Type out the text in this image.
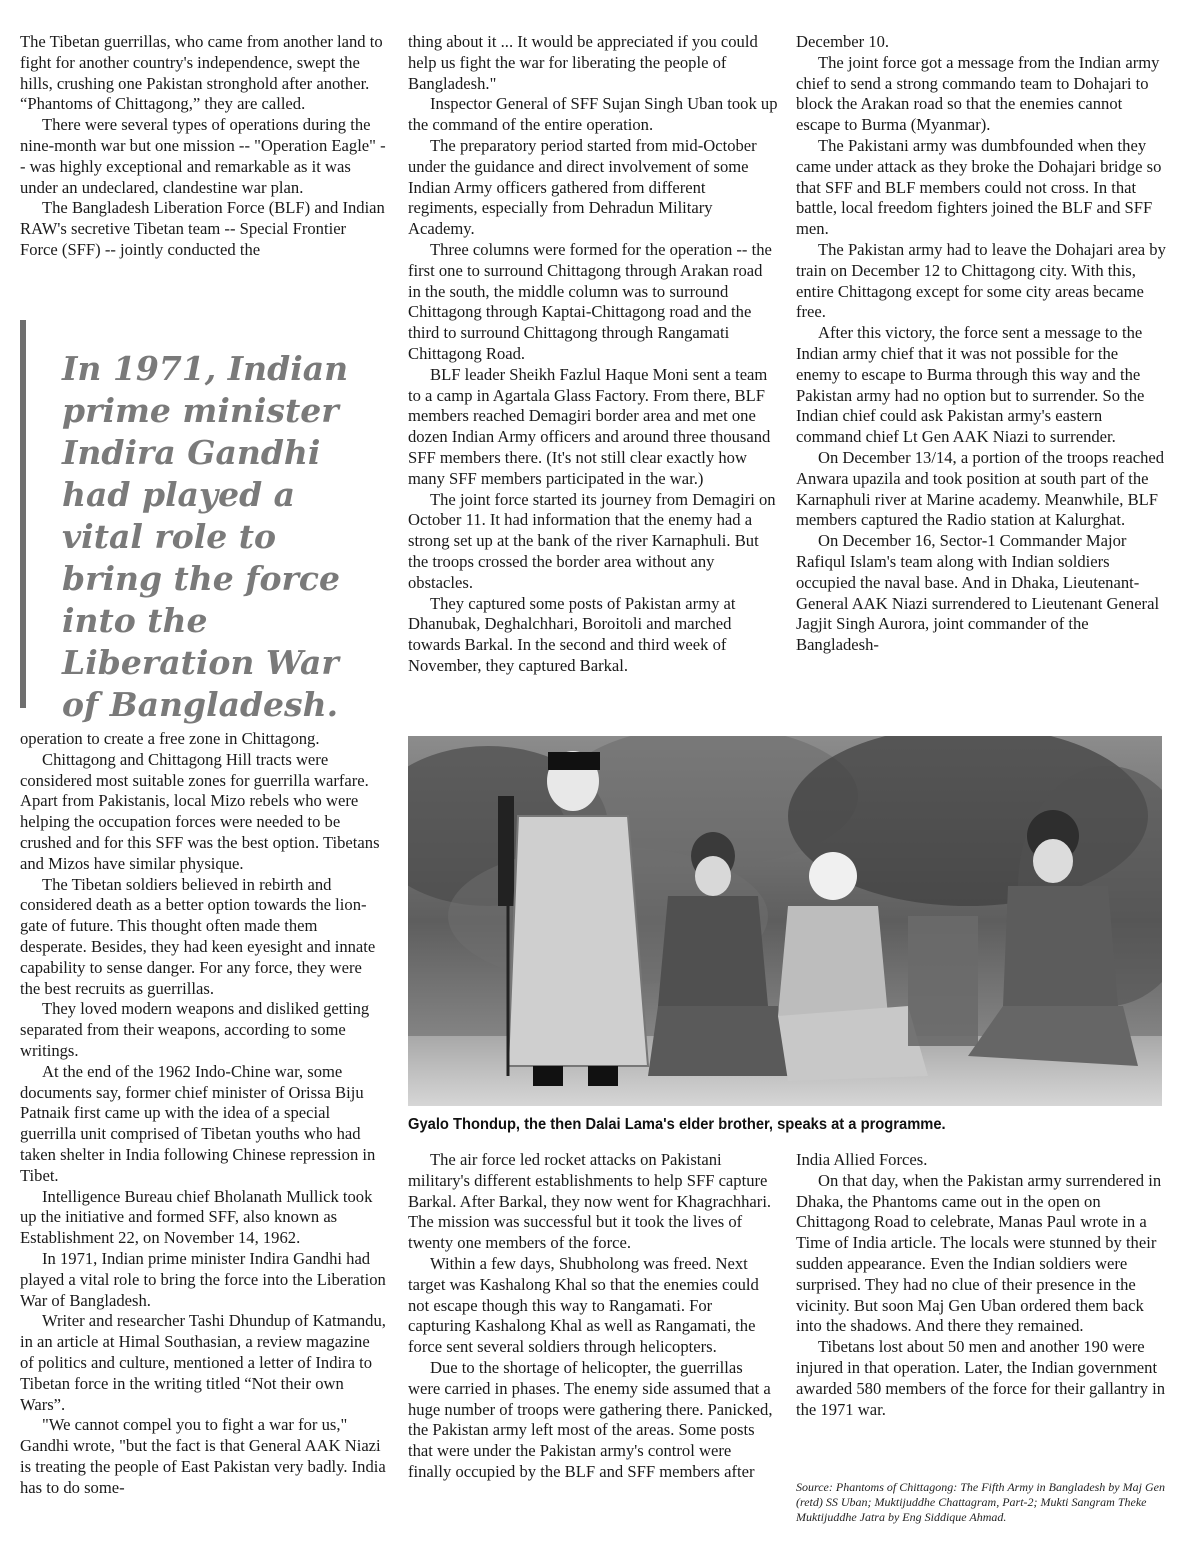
The Tibetan guerrillas, who came from another land to fight for another country's independence, swept the hills, crushing one Pakistan stronghold after another. “Phantoms of Chittagong,” they are called.

There were several types of operations during the nine-month war but one mission -- "Operation Eagle" -- was highly exceptional and remarkable as it was under an undeclared, clandestine war plan.

The Bangladesh Liberation Force (BLF) and Indian RAW's secretive Tibetan team -- Special Frontier Force (SFF) -- jointly conducted the

In 1971, Indian prime minister Indira Gandhi had played a vital role to bring the force into the Liberation War of Bangladesh.

operation to create a free zone in Chittagong.

Chittagong and Chittagong Hill tracts were considered most suitable zones for guerrilla warfare. Apart from Pakistanis, local Mizo rebels who were helping the occupation forces were needed to be crushed and for this SFF was the best option. Tibetans and Mizos have similar physique.

The Tibetan soldiers believed in rebirth and considered death as a better option towards the lion-gate of future. This thought often made them desperate. Besides, they had keen eyesight and innate capability to sense danger. For any force, they were the best recruits as guerrillas.

They loved modern weapons and disliked getting separated from their weapons, according to some writings.

At the end of the 1962 Indo-Chine war, some documents say, former chief minister of Orissa Biju Patnaik first came up with the idea of a special guerrilla unit comprised of Tibetan youths who had taken shelter in India following Chinese repression in Tibet.

Intelligence Bureau chief Bholanath Mullick took up the initiative and formed SFF, also known as Establishment 22, on November 14, 1962.

In 1971, Indian prime minister Indira Gandhi had played a vital role to bring the force into the Liberation War of Bangladesh.

Writer and researcher Tashi Dhundup of Katmandu, in an article at Himal Southasian, a review magazine of politics and culture, mentioned a letter of Indira to Tibetan force in the writing titled “Not their own Wars”.

"We cannot compel you to fight a war for us," Gandhi wrote, "but the fact is that General AAK Niazi is treating the people of East Pakistan very badly. India has to do some-

thing about it ... It would be appreciated if you could help us fight the war for liberating the people of Bangladesh."

Inspector General of SFF Sujan Singh Uban took up the command of the entire operation.

The preparatory period started from mid-October under the guidance and direct involvement of some Indian Army officers gathered from different regiments, especially from Dehradun Military Academy.

Three columns were formed for the operation -- the first one to surround Chittagong through Arakan road in the south, the middle column was to surround Chittagong through Kaptai-Chittagong road and the third to surround Chittagong through Rangamati Chittagong Road.

BLF leader Sheikh Fazlul Haque Moni sent a team to a camp in Agartala Glass Factory. From there, BLF members reached Demagiri border area and met one dozen Indian Army officers and around three thousand SFF members there. (It's not still clear exactly how many SFF members participated in the war.)

The joint force started its journey from Demagiri on October 11. It had information that the enemy had a strong set up at the bank of the river Karnaphuli. But the troops crossed the border area without any obstacles.

They captured some posts of Pakistan army at Dhanubak, Deghalchhari, Boroitoli and marched towards Barkal. In the second and third week of November, they captured Barkal.

December 10.

The joint force got a message from the Indian army chief to send a strong commando team to Dohajari to block the Arakan road so that the enemies cannot escape to Burma (Myanmar).

The Pakistani army was dumbfounded when they came under attack as they broke the Dohajari bridge so that SFF and BLF members could not cross. In that battle, local freedom fighters joined the BLF and SFF men.

The Pakistan army had to leave the Dohajari area by train on December 12 to Chittagong city. With this, entire Chittagong except for some city areas became free.

After this victory, the force sent a message to the Indian army chief that it was not possible for the enemy to escape to Burma through this way and the Pakistan army had no option but to surrender. So the Indian chief could ask Pakistan army's eastern command chief Lt Gen AAK Niazi to surrender.

On December 13/14, a portion of the troops reached Anwara upazila and took position at south part of the Karnaphuli river at Marine academy. Meanwhile, BLF members captured the Radio station at Kalurghat.

On December 16, Sector-1 Commander Major Rafiqul Islam's team along with Indian soldiers occupied the naval base. And in Dhaka, Lieutenant-General AAK Niazi surrendered to Lieutenant General Jagjit Singh Aurora, joint commander of the Bangladesh-

Gyalo Thondup, the then Dalai Lama's elder brother, speaks at a programme.

The air force led rocket attacks on Pakistani military's different establishments to help SFF capture Barkal. After Barkal, they now went for Khagrachhari. The mission was successful but it took the lives of twenty one members of the force.

Within a few days, Shubholong was freed. Next target was Kashalong Khal so that the enemies could not escape though this way to Rangamati. For capturing Kashalong Khal as well as Rangamati, the force sent several soldiers through helicopters.

Due to the shortage of helicopter, the guerrillas were carried in phases. The enemy side assumed that a huge number of troops were gathering there. Panicked, the Pakistan army left most of the areas. Some posts that were under the Pakistan army's control were finally occupied by the BLF and SFF members after

India Allied Forces.

On that day, when the Pakistan army surrendered in Dhaka, the Phantoms came out in the open on Chittagong Road to celebrate, Manas Paul wrote in a Time of India article. The locals were stunned by their sudden appearance. Even the Indian soldiers were surprised. They had no clue of their presence in the vicinity. But soon Maj Gen Uban ordered them back into the shadows. And there they remained.

Tibetans lost about 50 men and another 190 were injured in that operation. Later, the Indian government awarded 580 members of the force for their gallantry in the 1971 war.

Source: Phantoms of Chittagong: The Fifth Army in Bangladesh by Maj Gen (retd) SS Uban; Muktijuddhe Chattagram, Part-2; Mukti Sangram Theke Muktijuddhe Jatra by Eng Siddique Ahmad.
